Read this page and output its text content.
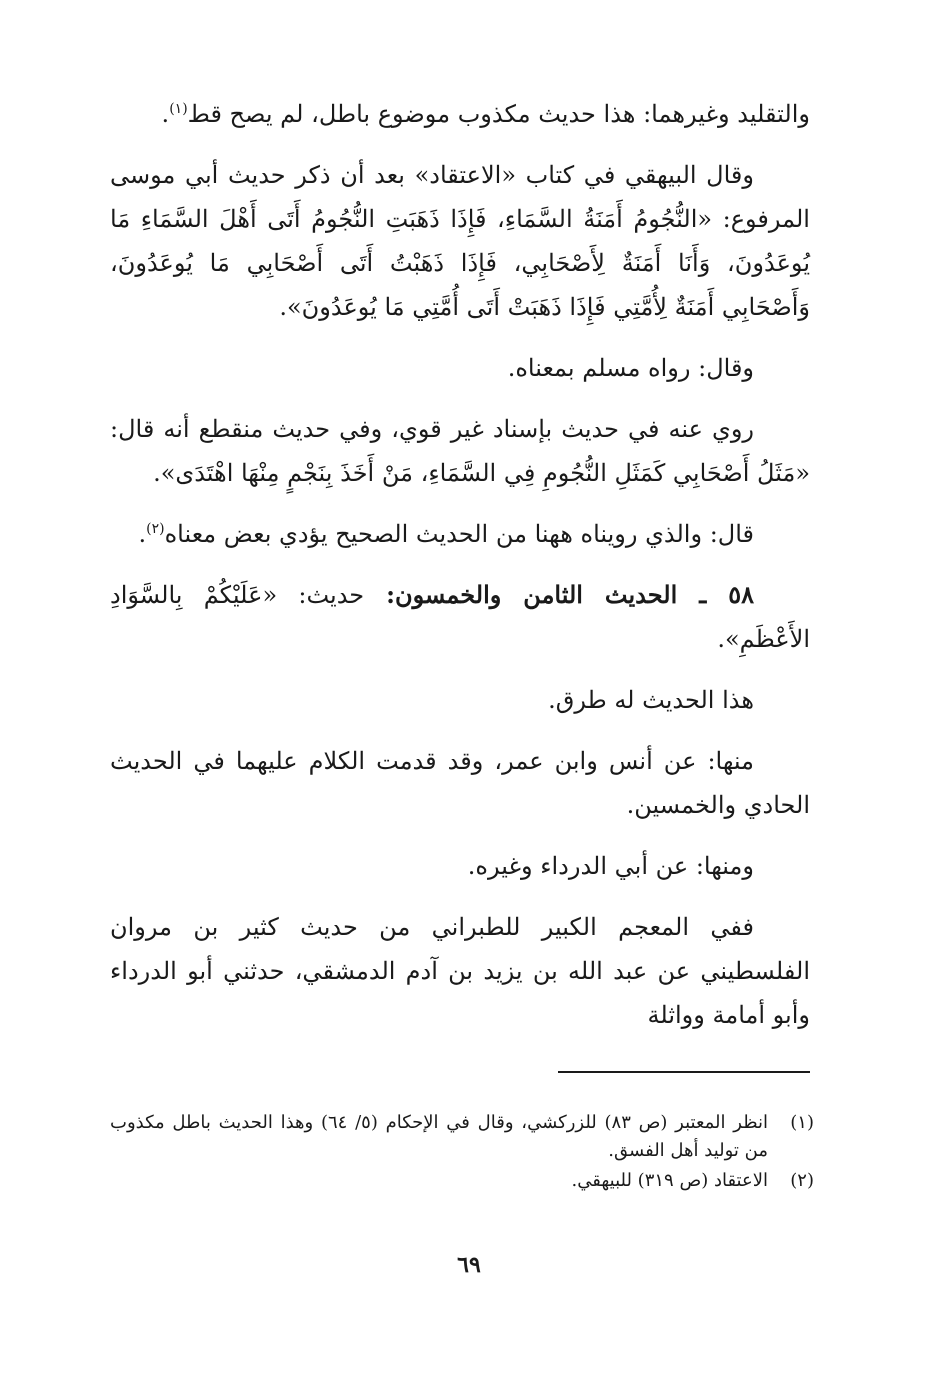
والتقليد وغيرهما: هذا حديث مكذوب موضوع باطل، لم يصح قط$^{(١)}$.

وقال البيهقي في كتاب «الاعتقاد» بعد أن ذكر حديث أبي موسى المرفوع: «النُّجُومُ أَمَنَةُ السَّمَاءِ، فَإِذَا ذَهَبَتِ النُّجُومُ أَتَى أَهْلَ السَّمَاءِ مَا يُوعَدُونَ، وَأَنَا أَمَنَةٌ لِأَصْحَابِي، فَإِذَا ذَهَبْتُ أَتَى أَصْحَابِي مَا يُوعَدُونَ، وَأَصْحَابِي أَمَنَةٌ لِأُمَّتِي فَإِذَا ذَهَبَتْ أَتَى أُمَّتِي مَا يُوعَدُونَ».

وقال: رواه مسلم بمعناه.

روي عنه في حديث بإسناد غير قوي، وفي حديث منقطع أنه قال: «مَثَلُ أَصْحَابِي كَمَثَلِ النُّجُومِ فِي السَّمَاءِ، مَنْ أَخَذَ بِنَجْمٍ مِنْهَا اهْتَدَى».

قال: والذي رويناه ههنا من الحديث الصحيح يؤدي بعض معناه$^{(٢)}$.

٥٨ ـ الحديث الثامن والخمسون: حديث: «عَلَيْكُمْ بِالسَّوَادِ الأَعْظَمِ».

هذا الحديث له طرق.

منها: عن أنس وابن عمر، وقد قدمت الكلام عليهما في الحديث الحادي والخمسين.

ومنها: عن أبي الدرداء وغيره.

ففي المعجم الكبير للطبراني من حديث كثير بن مروان الفلسطيني عن عبد الله بن يزيد بن آدم الدمشقي، حدثني أبو الدرداء وأبو أمامة وواثلة

(١)
انظر المعتبر (ص ٨٣) للزركشي، وقال في الإحكام (٥/ ٦٤) وهذا الحديث باطل مكذوب من توليد أهل الفسق.
(٢)
الاعتقاد (ص ٣١٩) للبيهقي.
٦٩
